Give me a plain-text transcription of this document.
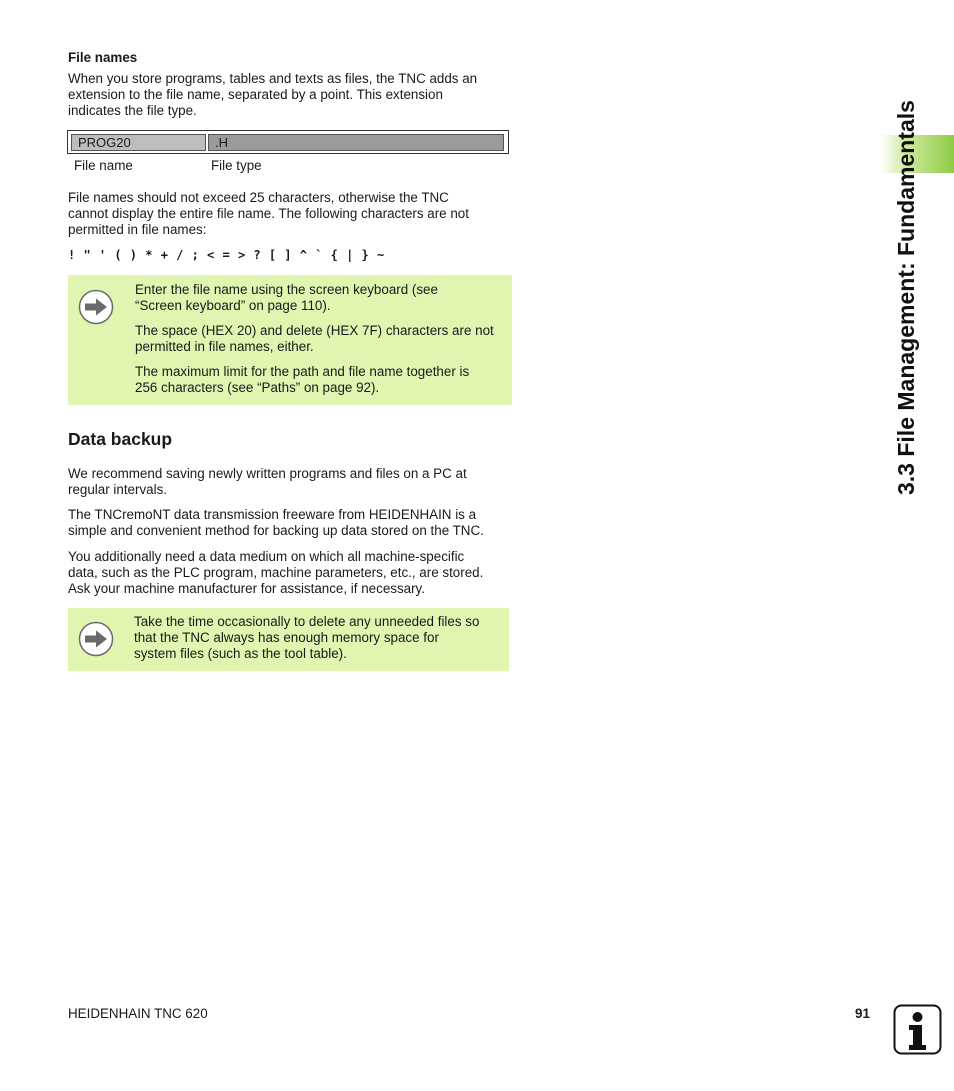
File names
When you store programs, tables and texts as files, the TNC adds an
extension to the file name, separated by a point. This extension
indicates the file type.
PROG20	.H
File name	File type
File names should not exceed 25 characters, otherwise the TNC
cannot display the entire file name. The following characters are not
permitted in file names:
! " ' ( ) * + / ; < = > ? [ ] ^ ` { | } ~

Enter the file name using the screen keyboard (see
“Screen keyboard” on page 110).

The space (HEX 20) and delete (HEX 7F) characters are not
permitted in file names, either.

The maximum limit for the path and file name together is
256 characters (see “Paths” on page 92).

Data backup
We recommend saving newly written programs and files on a PC at
regular intervals.
The TNCremoNT data transmission freeware from HEIDENHAIN is a
simple and convenient method for backing up data stored on the TNC.
You additionally need a data medium on which all machine-specific
data, such as the PLC program, machine parameters, etc., are stored.
Ask your machine manufacturer for assistance, if necessary.
Take the time occasionally to delete any unneeded files so
that the TNC always has enough memory space for
system files (such as the tool table).
3.3 File Management: Fundamentals
HEIDENHAIN TNC 620	91
